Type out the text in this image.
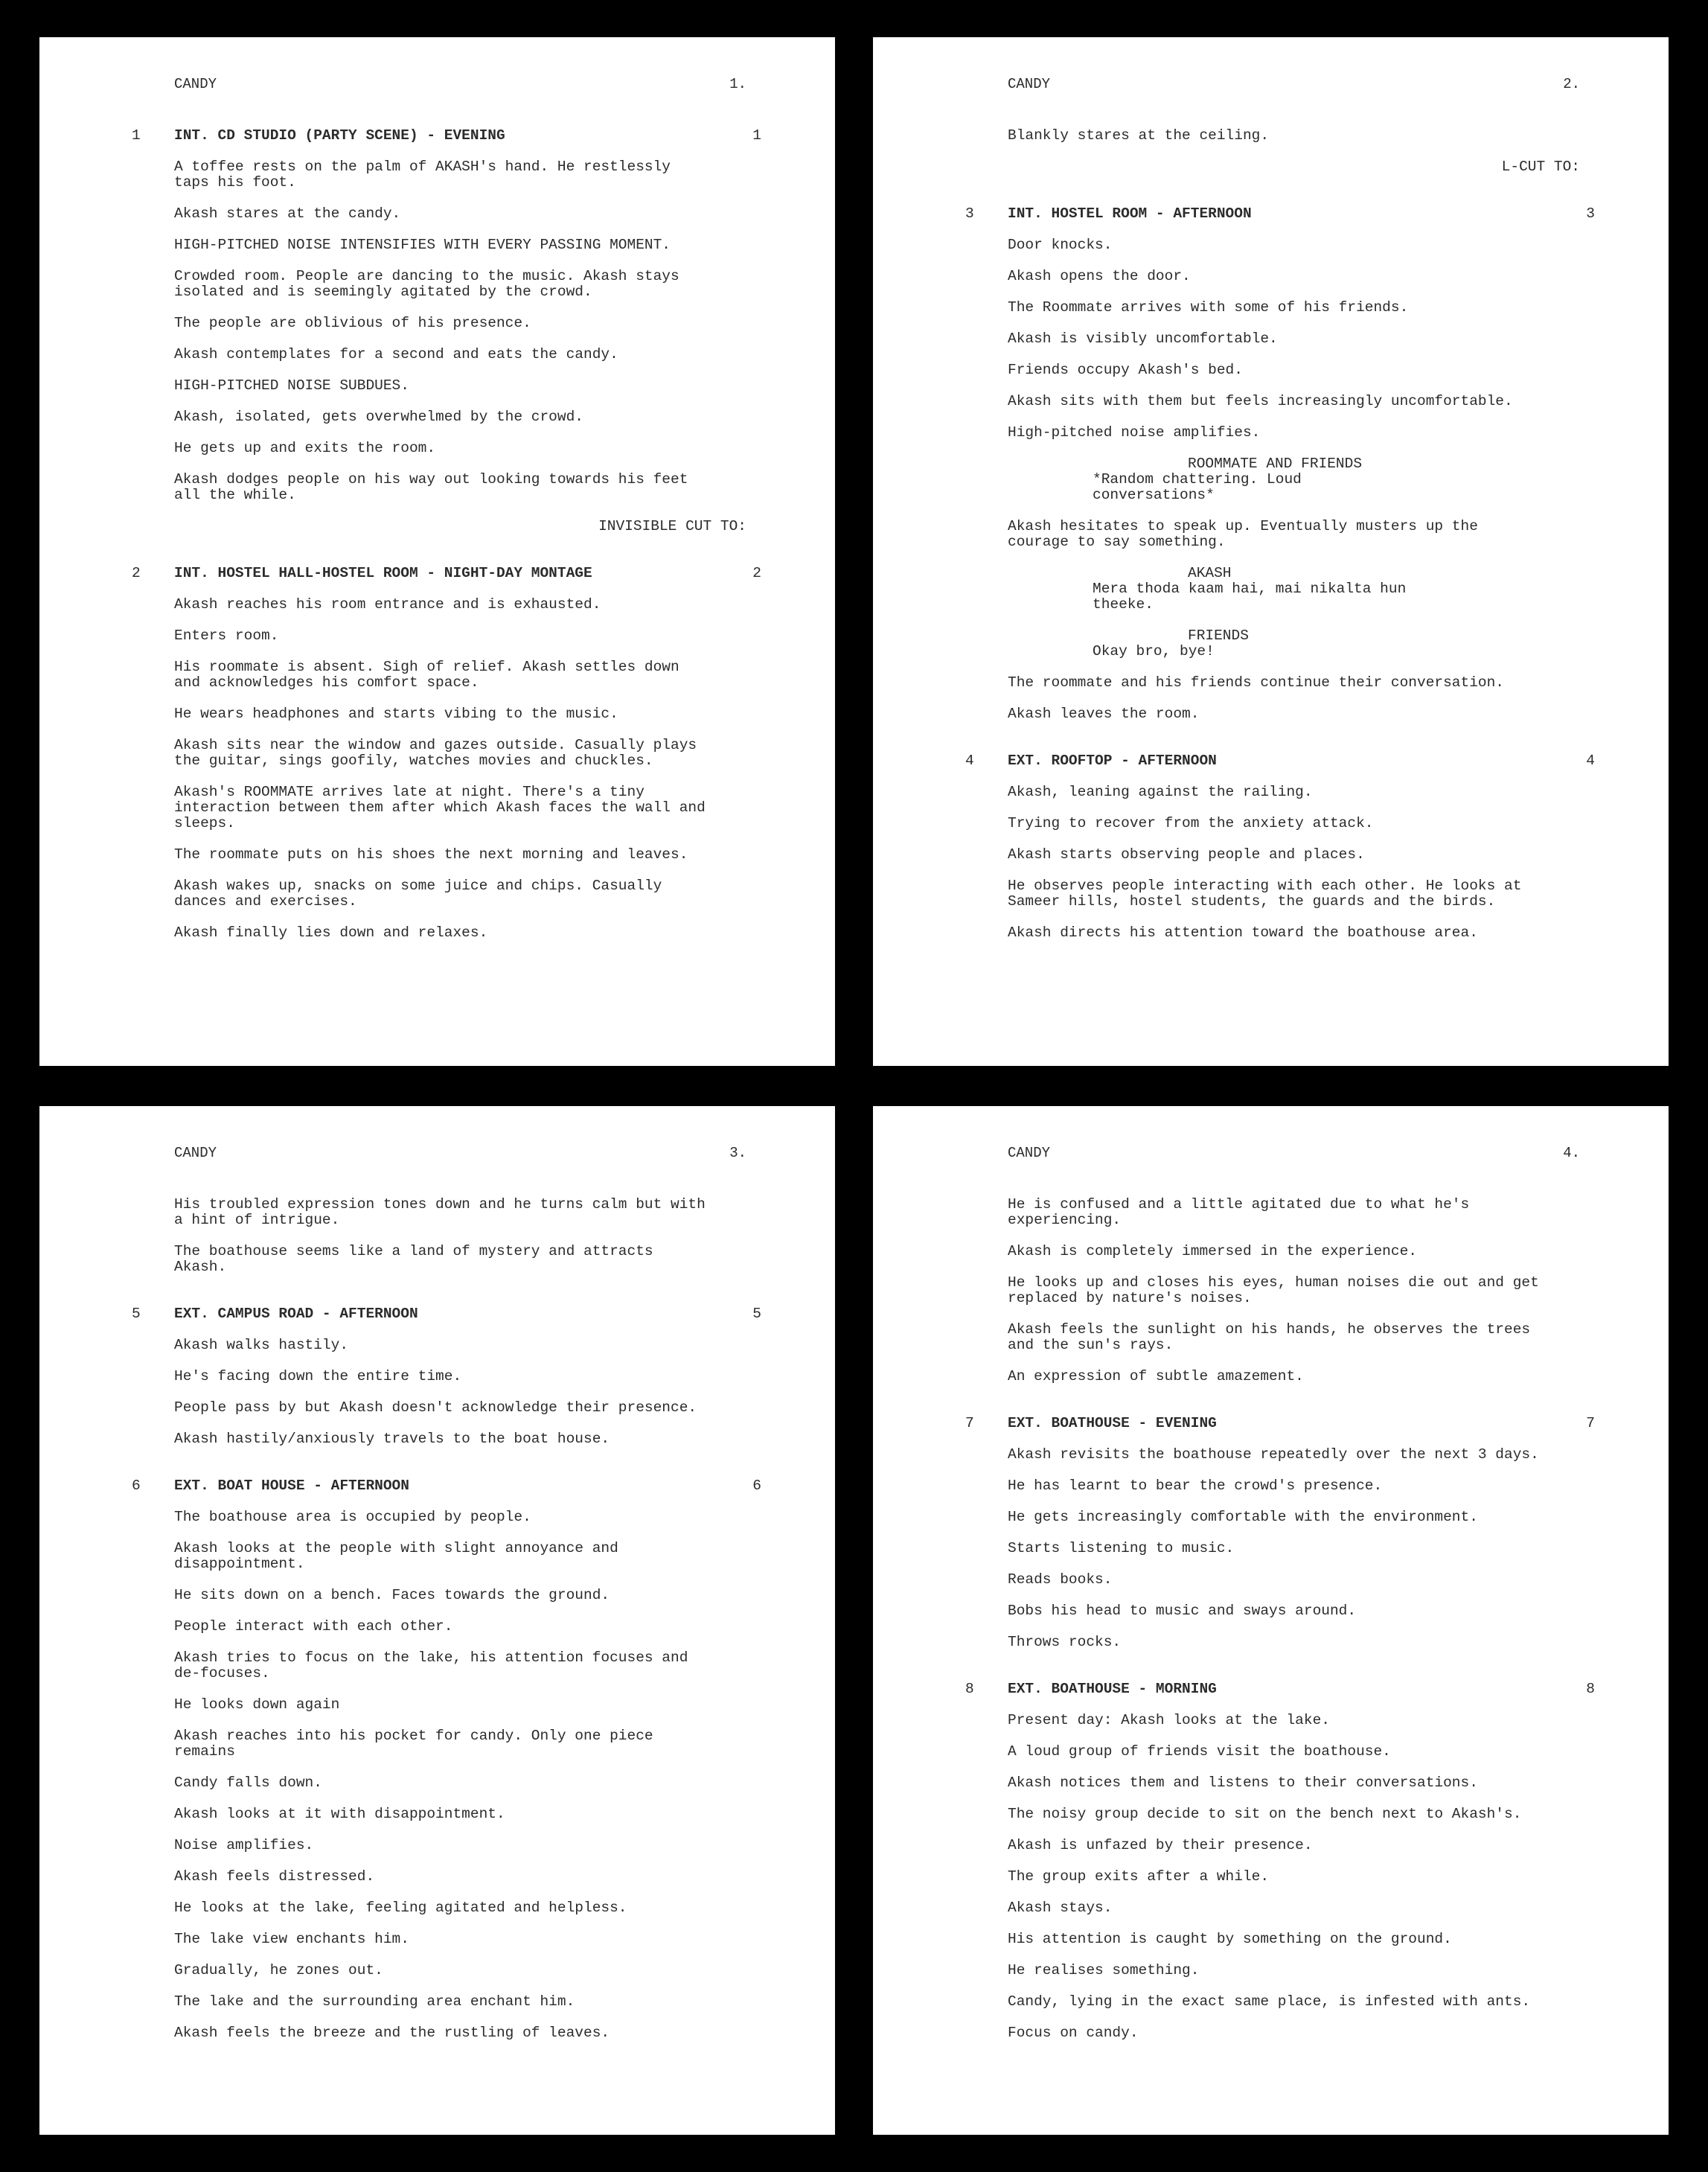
CANDY	1.
1 INT. CD STUDIO (PARTY SCENE) - EVENING	1
A toffee rests on the palm of AKASH's hand. He restlessly
taps his foot.
Akash stares at the candy.
HIGH-PITCHED NOISE INTENSIFIES WITH EVERY PASSING MOMENT.
Crowded room. People are dancing to the music. Akash stays
isolated and is seemingly agitated by the crowd.
The people are oblivious of his presence.
Akash contemplates for a second and eats the candy.
HIGH-PITCHED NOISE SUBDUES.
Akash, isolated, gets overwhelmed by the crowd.
He gets up and exits the room.
Akash dodges people on his way out looking towards his feet
all the while.
INVISIBLE CUT TO:
2 INT. HOSTEL HALL-HOSTEL ROOM - NIGHT-DAY MONTAGE	2
Akash reaches his room entrance and is exhausted.
Enters room.
His roommate is absent. Sigh of relief. Akash settles down
and acknowledges his comfort space.
He wears headphones and starts vibing to the music.
Akash sits near the window and gazes outside. Casually plays
the guitar, sings goofily, watches movies and chuckles.
Akash's ROOMMATE arrives late at night. There's a tiny
interaction between them after which Akash faces the wall and
sleeps.
The roommate puts on his shoes the next morning and leaves.
Akash wakes up, snacks on some juice and chips. Casually
dances and exercises.
Akash finally lies down and relaxes.
CANDY	2.
Blankly stares at the ceiling.
L-CUT TO:
3 INT. HOSTEL ROOM - AFTERNOON	3
Door knocks.
Akash opens the door.
The Roommate arrives with some of his friends.
Akash is visibly uncomfortable.
Friends occupy Akash's bed.
Akash sits with them but feels increasingly uncomfortable.
High-pitched noise amplifies.
ROOMMATE AND FRIENDS
*Random chattering. Loud
conversations*
Akash hesitates to speak up. Eventually musters up the
courage to say something.
AKASH
Mera thoda kaam hai, mai nikalta hun
theeke.
FRIENDS
Okay bro, bye!
The roommate and his friends continue their conversation.
Akash leaves the room.
4 EXT. ROOFTOP - AFTERNOON	4
Akash, leaning against the railing.
Trying to recover from the anxiety attack.
Akash starts observing people and places.
He observes people interacting with each other. He looks at
Sameer hills, hostel students, the guards and the birds.
Akash directs his attention toward the boathouse area.
CANDY	3.
His troubled expression tones down and he turns calm but with
a hint of intrigue.
The boathouse seems like a land of mystery and attracts
Akash.
5 EXT. CAMPUS ROAD - AFTERNOON	5
Akash walks hastily.
He's facing down the entire time.
People pass by but Akash doesn't acknowledge their presence.
Akash hastily/anxiously travels to the boat house.
6 EXT. BOAT HOUSE - AFTERNOON	6
The boathouse area is occupied by people.
Akash looks at the people with slight annoyance and
disappointment.
He sits down on a bench. Faces towards the ground.
People interact with each other.
Akash tries to focus on the lake, his attention focuses and
de-focuses.
He looks down again
Akash reaches into his pocket for candy. Only one piece
remains
Candy falls down.
Akash looks at it with disappointment.
Noise amplifies.
Akash feels distressed.
He looks at the lake, feeling agitated and helpless.
The lake view enchants him.
Gradually, he zones out.
The lake and the surrounding area enchant him.
Akash feels the breeze and the rustling of leaves.
CANDY	4.
He is confused and a little agitated due to what he's
experiencing.
Akash is completely immersed in the experience.
He looks up and closes his eyes, human noises die out and get
replaced by nature's noises.
Akash feels the sunlight on his hands, he observes the trees
and the sun's rays.
An expression of subtle amazement.
7 EXT. BOATHOUSE - EVENING	7
Akash revisits the boathouse repeatedly over the next 3 days.
He has learnt to bear the crowd's presence.
He gets increasingly comfortable with the environment.
Starts listening to music.
Reads books.
Bobs his head to music and sways around.
Throws rocks.
8 EXT. BOATHOUSE - MORNING	8
Present day: Akash looks at the lake.
A loud group of friends visit the boathouse.
Akash notices them and listens to their conversations.
The noisy group decide to sit on the bench next to Akash's.
Akash is unfazed by their presence.
The group exits after a while.
Akash stays.
His attention is caught by something on the ground.
He realises something.
Candy, lying in the exact same place, is infested with ants.
Focus on candy.
